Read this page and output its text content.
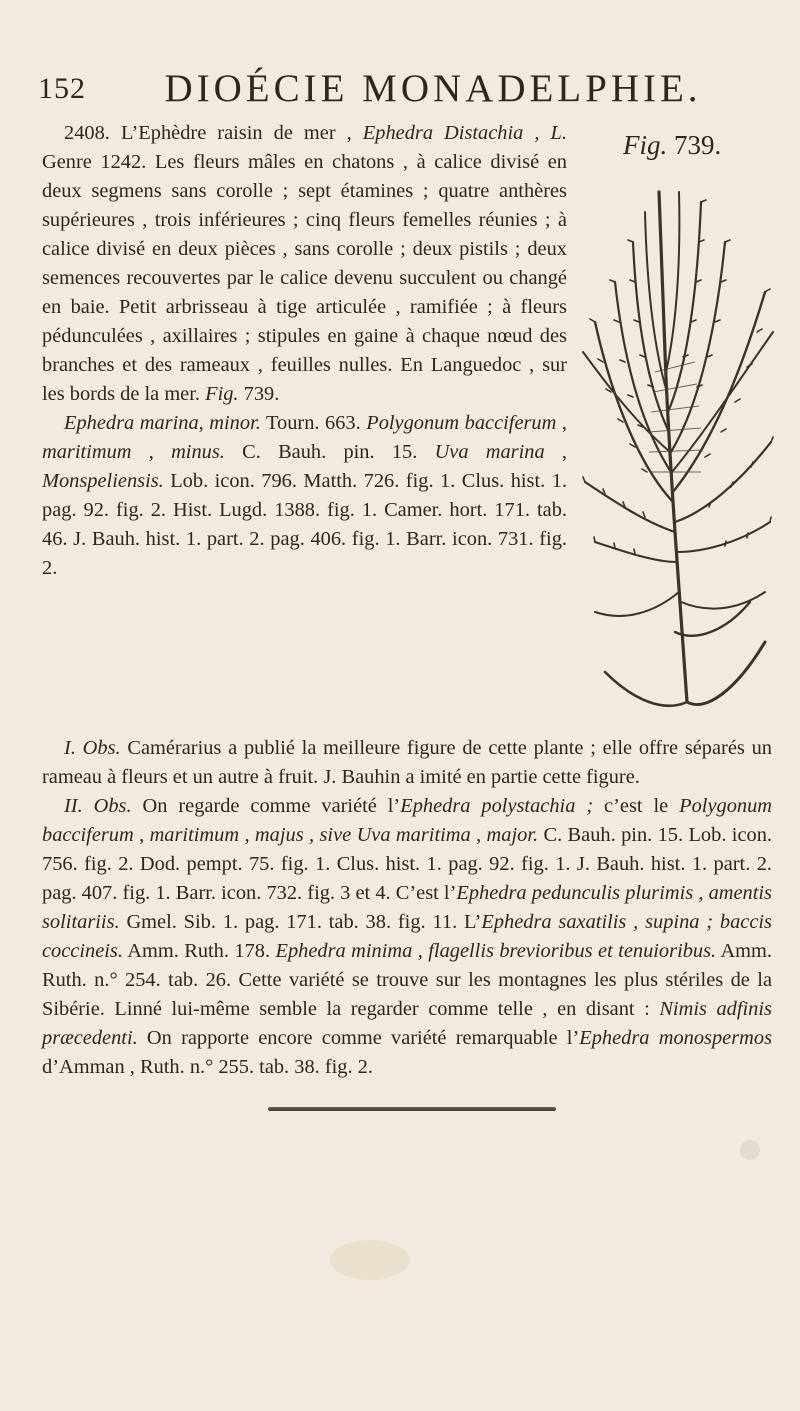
152	DIOÉCIE MONADELPHIE.
Fig. 739.

2408. L’Ephèdre raisin de mer , Ephedra Distachia , L. Genre 1242. Les fleurs mâles en chatons , à calice divisé en deux segmens sans corolle ; sept étamines ; quatre anthères supérieures , trois inférieures ; cinq fleurs femelles réunies ; à calice divisé en deux pièces , sans corolle ; deux pistils ; deux semences recouvertes par le calice devenu succulent ou changé en baie. Petit arbrisseau à tige articulée , ramifiée ; à fleurs pédunculées , axillaires ; stipules en gaine à chaque nœud des branches et des rameaux , feuilles nulles. En Languedoc , sur les bords de la mer. Fig. 739.

Ephedra marina, minor. Tourn. 663. Polygonum bacciferum , maritimum , minus. C. Bauh. pin. 15. Uva marina , Monspeliensis. Lob. icon. 796. Matth. 726. fig. 1. Clus. hist. 1. pag. 92. fig. 2. Hist. Lugd. 1388. fig. 1. Camer. hort. 171. tab. 46. J. Bauh. hist. 1. part. 2. pag. 406. fig. 1. Barr. icon. 731. fig. 2.

I. Obs. Camérarius a publié la meilleure figure de cette plante ; elle offre séparés un rameau à fleurs et un autre à fruit. J. Bauhin a imité en partie cette figure.

II. Obs. On regarde comme variété l’Ephedra polystachia ; c’est le Polygonum bacciferum , maritimum , majus , sive Uva maritima , major. C. Bauh. pin. 15. Lob. icon. 756. fig. 2. Dod. pempt. 75. fig. 1. Clus. hist. 1. pag. 92. fig. 1. J. Bauh. hist. 1. part. 2. pag. 407. fig. 1. Barr. icon. 732. fig. 3 et 4. C’est l’Ephedra pedunculis plurimis , amentis solitariis. Gmel. Sib. 1. pag. 171. tab. 38. fig. 11. L’Ephedra saxatilis , supina ; baccis coccineis. Amm. Ruth. 178. Ephedra minima , flagellis brevioribus et tenuioribus. Amm. Ruth. n.° 254. tab. 26. Cette variété se trouve sur les montagnes les plus stériles de la Sibérie. Linné lui-même semble la regarder comme telle , en disant : Nimis adfinis præcedenti. On rapporte encore comme variété remarquable l’Ephedra monospermos d’Amman , Ruth. n.° 255. tab. 38. fig. 2.
